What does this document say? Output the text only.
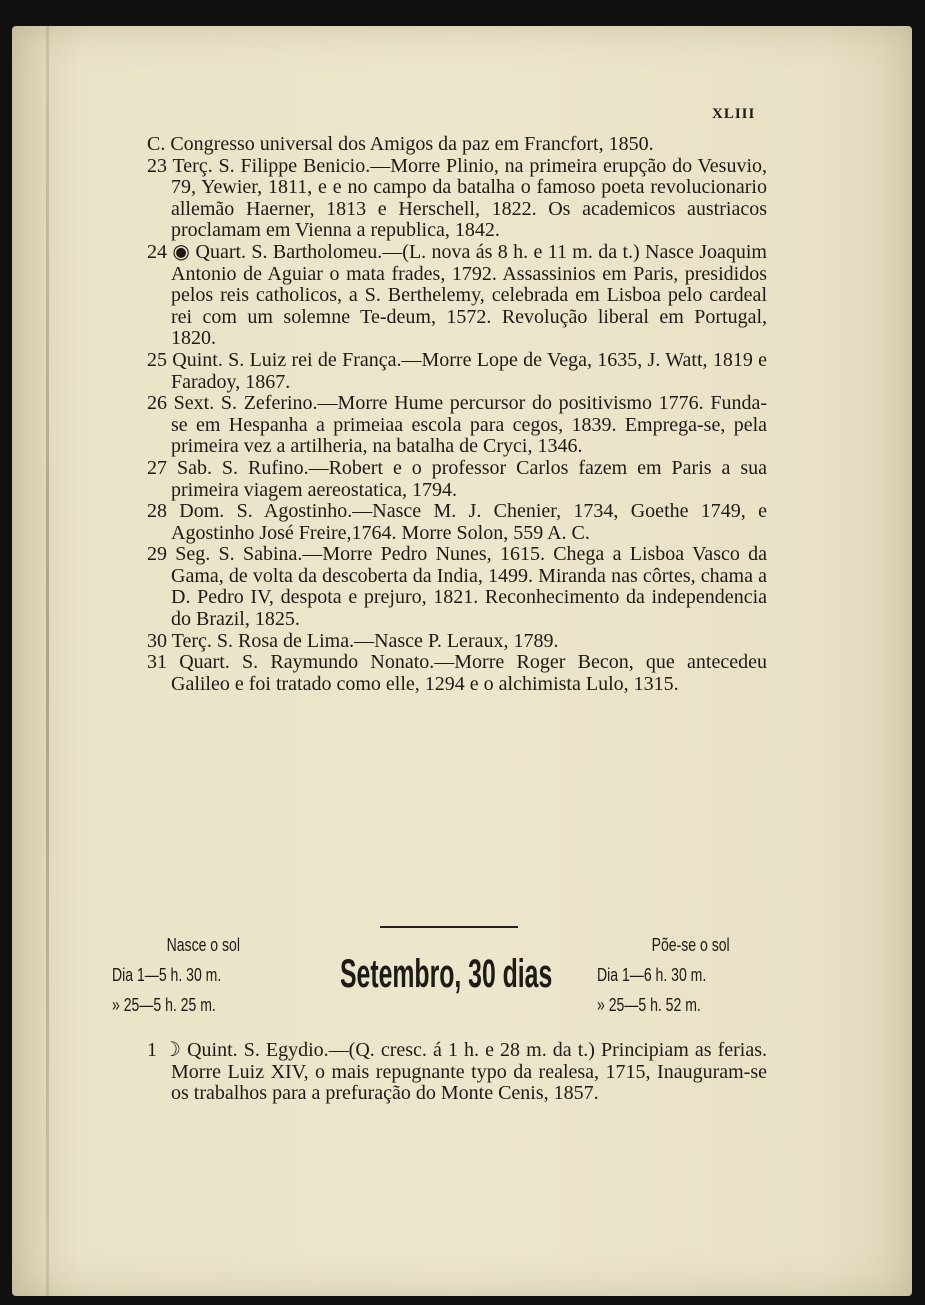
XLIII

C. Congresso universal dos Amigos da paz em Francfort, 1850.

23 Terç. S. Filippe Benicio.—Morre Plinio, na primeira erupção do Vesuvio, 79, Yewier, 1811, e e no campo da batalha o famoso poeta revolucionario allemão Haerner, 1813 e Herschell, 1822. Os academicos austriacos proclamam em Vienna a republica, 1842.

24 ◉ Quart. S. Bartholomeu.—(L. nova ás 8 h. e 11 m. da t.) Nasce Joaquim Antonio de Aguiar o mata frades, 1792. Assassinios em Paris, presididos pelos reis catholicos, a S. Berthelemy, celebrada em Lisboa pelo cardeal rei com um solemne Te-deum, 1572. Revolução liberal em Portugal, 1820.

25 Quint. S. Luiz rei de França.—Morre Lope de Vega, 1635, J. Watt, 1819 e Faradoy, 1867.

26 Sext. S. Zeferino.—Morre Hume percursor do positivismo 1776. Funda-se em Hespanha a primeiaa escola para cegos, 1839. Emprega-se, pela primeira vez a artilheria, na batalha de Cryci, 1346.

27 Sab. S. Rufino.—Robert e o professor Carlos fazem em Paris a sua primeira viagem aereostatica, 1794.

28 Dom. S. Agostinho.—Nasce M. J. Chenier, 1734, Goethe 1749, e Agostinho José Freire,1764. Morre Solon, 559 A. C.

29 Seg. S. Sabina.—Morre Pedro Nunes, 1615. Chega a Lisboa Vasco da Gama, de volta da descoberta da India, 1499. Miranda nas côrtes, chama a D. Pedro IV, despota e prejuro, 1821. Reconhecimento da independencia do Brazil, 1825.

30 Terç. S. Rosa de Lima.—Nasce P. Leraux, 1789.

31 Quart. S. Raymundo Nonato.—Morre Roger Becon, que antecedeu Galileo e foi tratado como elle, 1294 e o alchimista Lulo, 1315.

Nasce o sol
Dia 1—5 h. 30 m.
» 25—5 h. 25 m.
Setembro, 30 dias
Põe-se o sol
Dia 1—6 h. 30 m.
» 25—5 h. 52 m.

1 ☽ Quint. S. Egydio.—(Q. cresc. á 1 h. e 28 m. da t.) Principiam as ferias. Morre Luiz XIV, o mais repugnante typo da realesa, 1715, Inauguram-se os trabalhos para a prefuração do Monte Cenis, 1857.
